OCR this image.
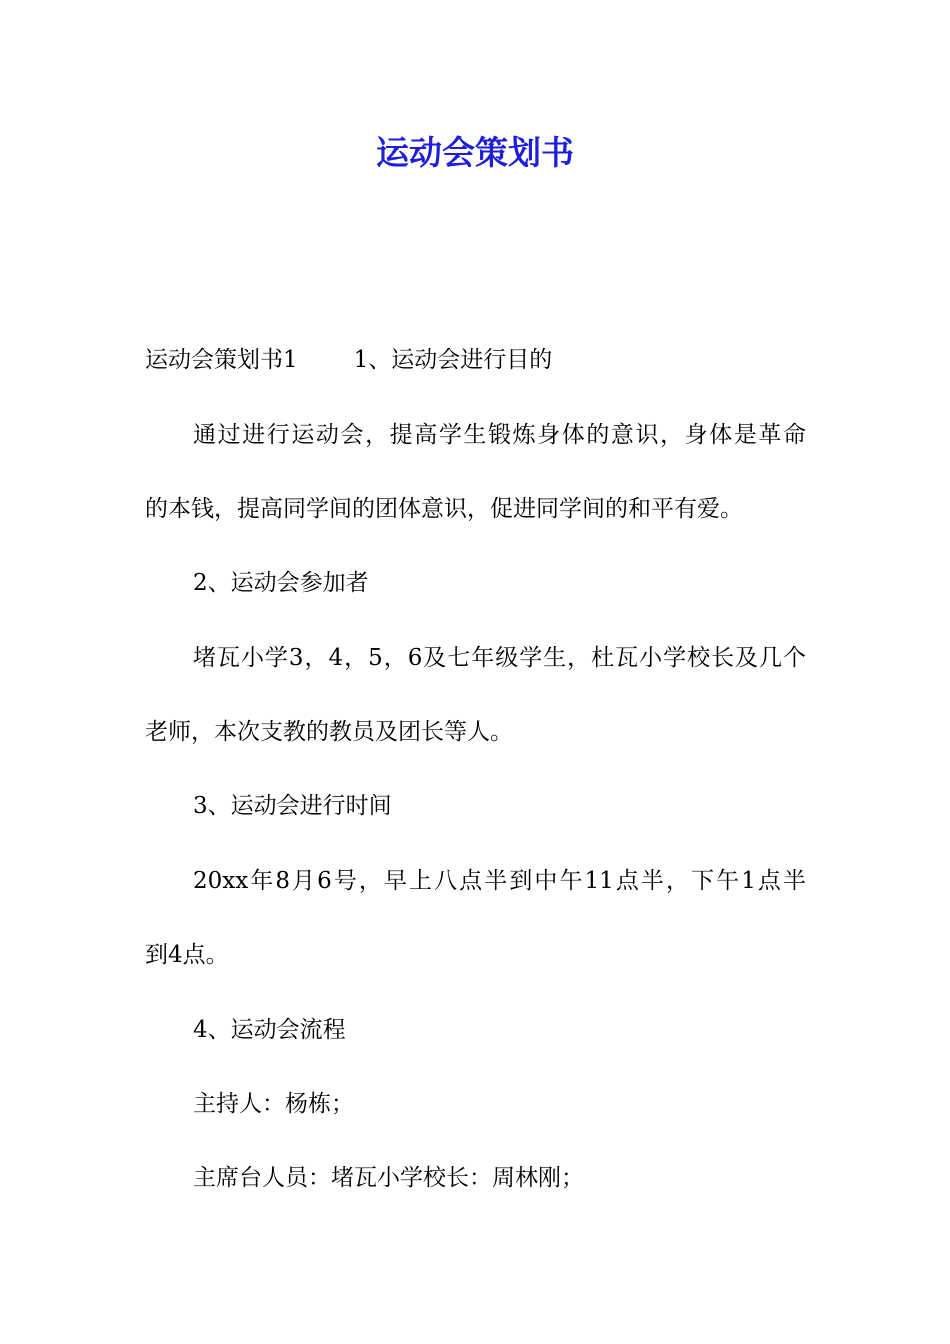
运动会策划书

运动会策划书1 1、运动会进行目的

通过进行运动会，提高学生锻炼身体的意识，身体是革命

的本钱，提高同学间的团体意识，促进同学间的和平有爱。

2、运动会参加者

堵瓦小学3，4，5，6及七年级学生，杜瓦小学校长及几个

老师，本次支教的教员及团长等人。

3、运动会进行时间

20xx年8月6号，早上八点半到中午11点半，下午1点半

到4点。

4、运动会流程

主持人：杨栋；

主席台人员：堵瓦小学校长：周林刚；
